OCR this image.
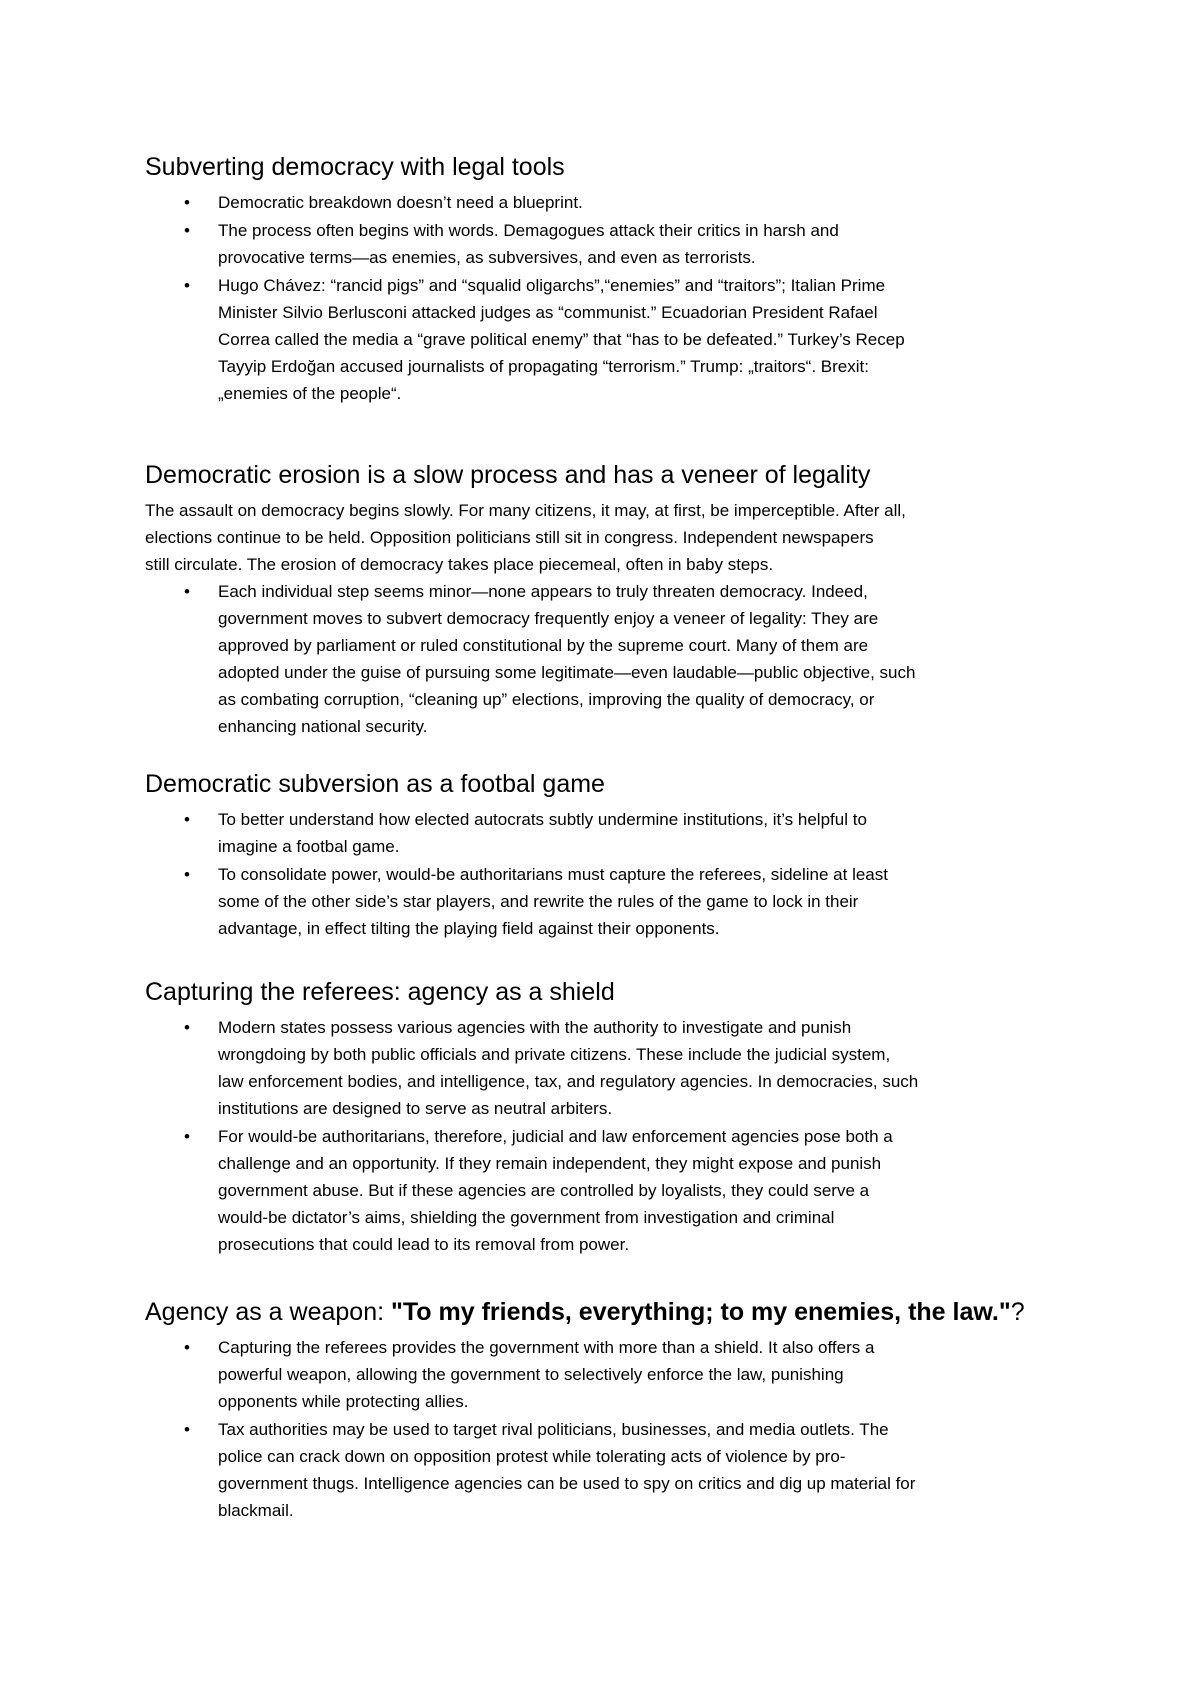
Subverting democracy with legal tools
• Democratic breakdown doesn’t need a blueprint.
• The process often begins with words. Demagogues attack their critics in harsh and
provocative terms—as enemies, as subversives, and even as terrorists.
• Hugo Chávez: “rancid pigs” and “squalid oligarchs”,“enemies” and “traitors”; Italian Prime
Minister Silvio Berlusconi attacked judges as “communist.” Ecuadorian President Rafael
Correa called the media a “grave political enemy” that “has to be defeated.” Turkey’s Recep
Tayyip Erdoğan accused journalists of propagating “terrorism.” Trump: „traitors“. Brexit:
„enemies of the people“.
Democratic erosion is a slow process and has a veneer of legality

The assault on democracy begins slowly. For many citizens, it may, at first, be imperceptible. After all,
elections continue to be held. Opposition politicians still sit in congress. Independent newspapers
still circulate. The erosion of democracy takes place piecemeal, often in baby steps.

• Each individual step seems minor—none appears to truly threaten democracy. Indeed,
government moves to subvert democracy frequently enjoy a veneer of legality: They are
approved by parliament or ruled constitutional by the supreme court. Many of them are
adopted under the guise of pursuing some legitimate—even laudable—public objective, such
as combating corruption, “cleaning up” elections, improving the quality of democracy, or
enhancing national security.
Democratic subversion as a footbal game
• To better understand how elected autocrats subtly undermine institutions, it’s helpful to
imagine a footbal game.
• To consolidate power, would-be authoritarians must capture the referees, sideline at least
some of the other side’s star players, and rewrite the rules of the game to lock in their
advantage, in effect tilting the playing field against their opponents.
Capturing the referees: agency as a shield
• Modern states possess various agencies with the authority to investigate and punish
wrongdoing by both public officials and private citizens. These include the judicial system,
law enforcement bodies, and intelligence, tax, and regulatory agencies. In democracies, such
institutions are designed to serve as neutral arbiters.
• For would-be authoritarians, therefore, judicial and law enforcement agencies pose both a
challenge and an opportunity. If they remain independent, they might expose and punish
government abuse. But if these agencies are controlled by loyalists, they could serve a
would-be dictator’s aims, shielding the government from investigation and criminal
prosecutions that could lead to its removal from power.
Agency as a weapon: "To my friends, everything; to my enemies, the law."?
• Capturing the referees provides the government with more than a shield. It also offers a
powerful weapon, allowing the government to selectively enforce the law, punishing
opponents while protecting allies.
• Tax authorities may be used to target rival politicians, businesses, and media outlets. The
police can crack down on opposition protest while tolerating acts of violence by pro-
government thugs. Intelligence agencies can be used to spy on critics and dig up material for
blackmail.
